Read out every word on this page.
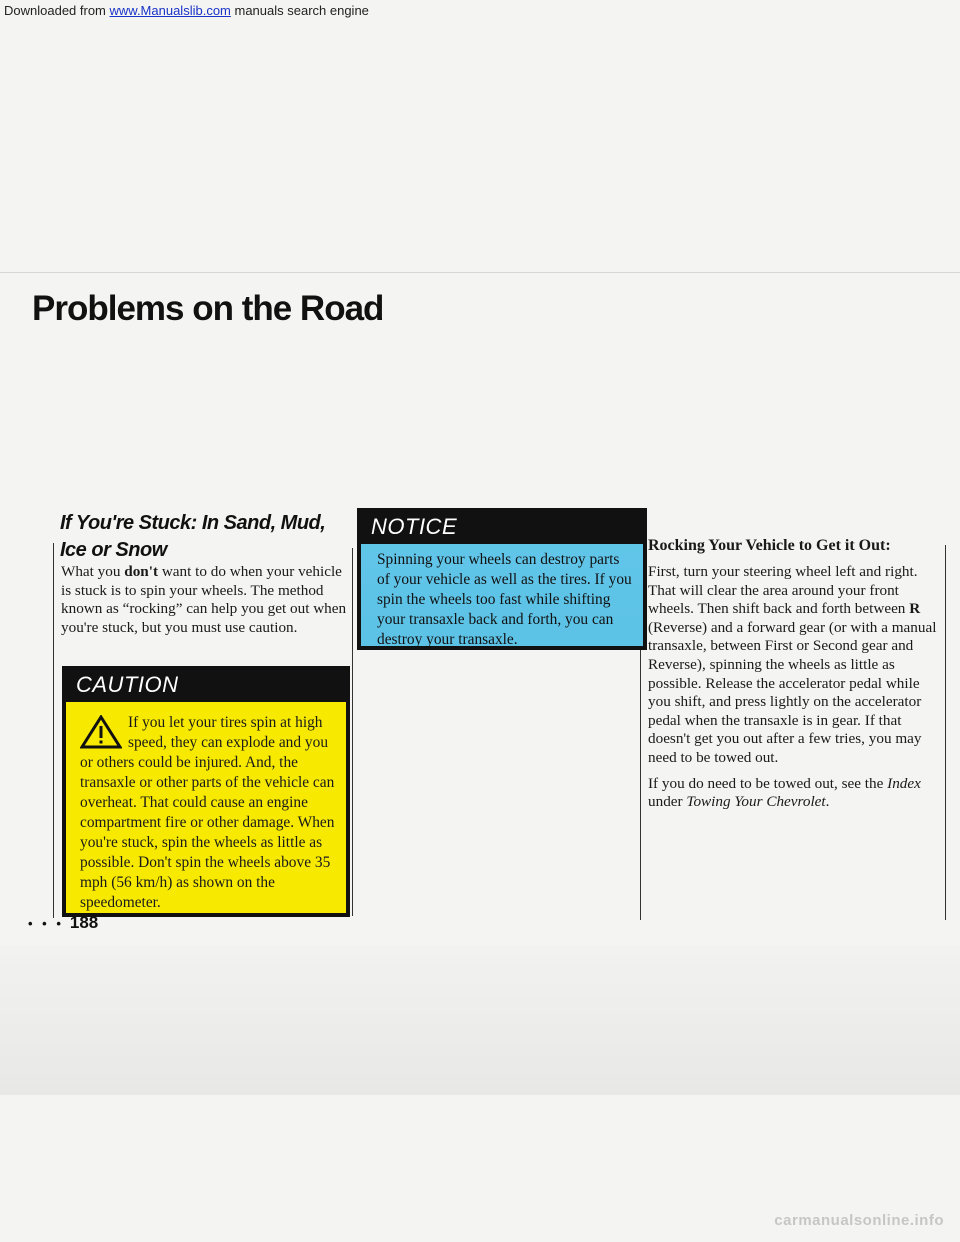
Downloaded from www.Manualslib.com manuals search engine
Problems on the Road
If You're Stuck: In Sand, Mud, Ice or Snow

What you don't want to do when your vehicle is stuck is to spin your wheels. The method known as “rocking” can help you get out when you're stuck, but you must use caution.

CAUTION

If you let your tires spin at high speed, they can explode and you or others could be injured. And, the transaxle or other parts of the vehicle can overheat. That could cause an engine compartment fire or other damage. When you're stuck, spin the wheels as little as possible. Don't spin the wheels above 35 mph (56 km/h) as shown on the speedometer.

NOTICE

Spinning your wheels can destroy parts of your vehicle as well as the tires. If you spin the wheels too fast while shifting your transaxle back and forth, you can destroy your transaxle.

Rocking Your Vehicle to Get it Out:

First, turn your steering wheel left and right. That will clear the area around your front wheels. Then shift back and forth between R (Reverse) and a forward gear (or with a manual transaxle, between First or Second gear and Reverse), spinning the wheels as little as possible. Release the accelerator pedal while you shift, and press lightly on the accelerator pedal when the transaxle is in gear. If that doesn't get you out after a few tries, you may need to be towed out.

If you do need to be towed out, see the Index under Towing Your Chevrolet.

• • • 188
carmanualsonline.info
